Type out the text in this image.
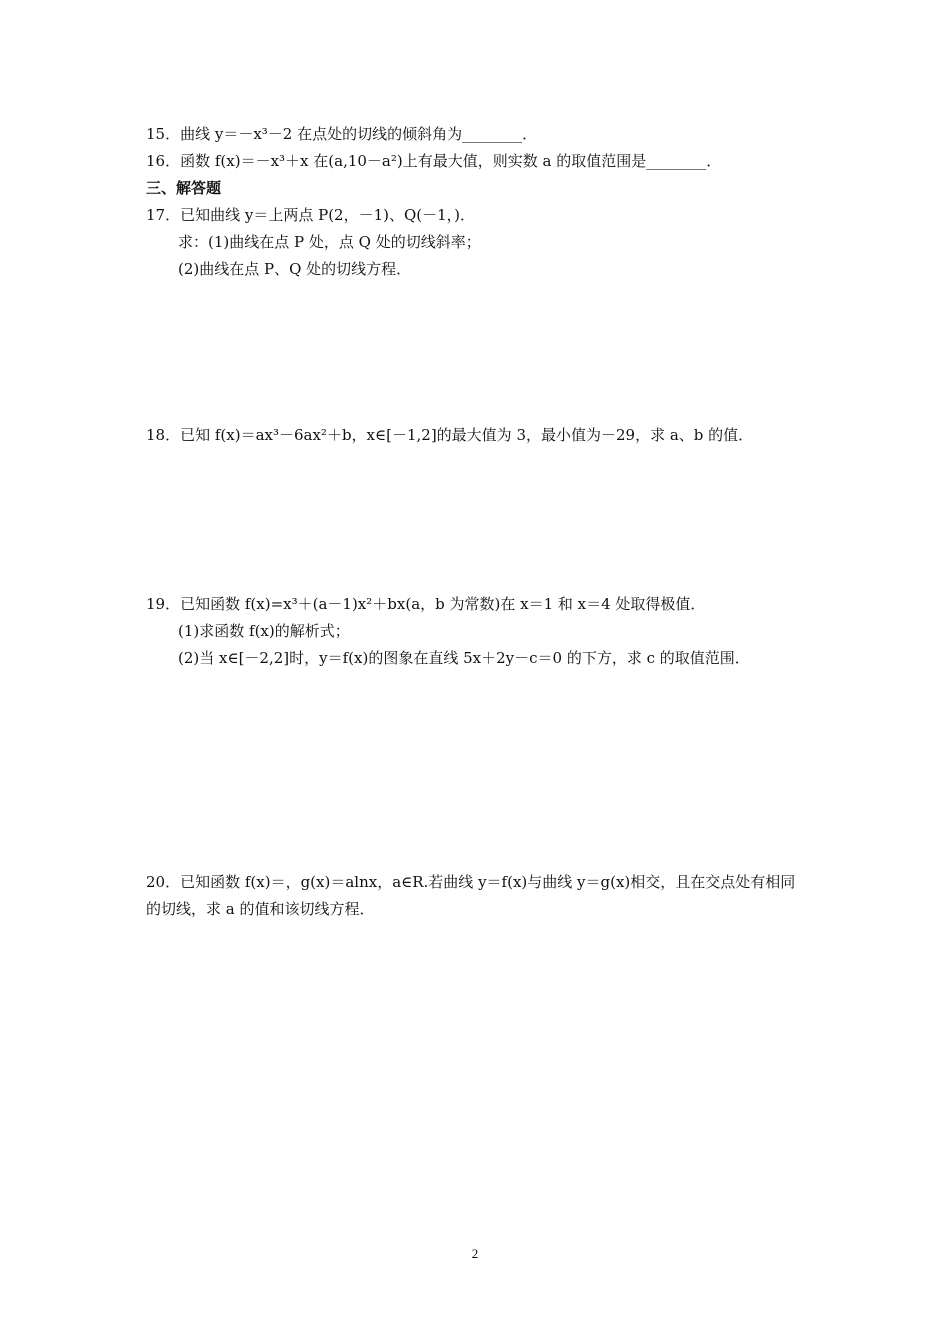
15．曲线 y＝－x³－2 在点处的切线的倾斜角为________．
16．函数 f(x)＝－x³＋x 在(a,10－a²)上有最大值，则实数 a 的取值范围是________．
三、解答题
17．已知曲线 y＝上两点 P(2，－1)、Q(－1，)．
求：(1)曲线在点 P 处，点 Q 处的切线斜率；
(2)曲线在点 P、Q 处的切线方程．
18．已知 f(x)＝ax³－6ax²＋b，x∈[－1,2]的最大值为 3，最小值为－29，求 a、b 的值．
19．已知函数 f(x)=x³＋(a－1)x²＋bx(a，b 为常数)在 x＝1 和 x＝4 处取得极值．
(1)求函数 f(x)的解析式；
(2)当 x∈[－2,2]时，y＝f(x)的图象在直线 5x＋2y－c＝0 的下方，求 c 的取值范围．
20．已知函数 f(x)＝，g(x)＝alnx，a∈R.若曲线 y＝f(x)与曲线 y＝g(x)相交，且在交点处有相同
的切线，求 a 的值和该切线方程．
2
